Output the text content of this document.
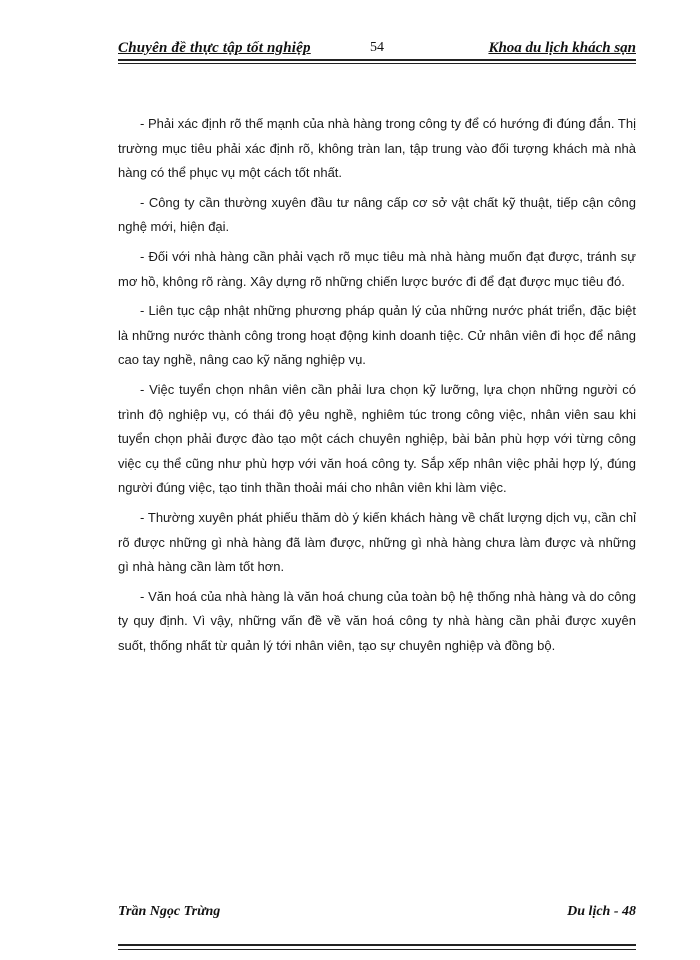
Chuyên đề thực tập tốt nghiệp	54	Khoa du lịch khách sạn

- Phải xác định rõ thế mạnh của nhà hàng trong công ty để có hướng đi đúng đắn. Thị trường mục tiêu phải xác định rõ, không tràn lan, tập trung vào đối tượng khách mà nhà hàng có thể phục vụ một cách tốt nhất.

- Công ty cần thường xuyên đầu tư nâng cấp cơ sở vật chất kỹ thuật, tiếp cận công nghệ mới, hiện đại.

- Đối với nhà hàng cần phải vạch rõ mục tiêu mà nhà hàng muốn đạt được, tránh sự mơ hồ, không rõ ràng. Xây dựng rõ những chiến lược bước đi để đạt được mục tiêu đó.

- Liên tục cập nhật những phương pháp quản lý của những nước phát triển, đặc biệt là những nước thành công trong hoạt động kinh doanh tiệc. Cử nhân viên đi học để nâng cao tay nghề, nâng cao kỹ năng nghiệp vụ.

- Việc tuyển chọn nhân viên cần phải lưa chọn kỹ lưỡng, lựa chọn những người có trình độ nghiệp vụ, có thái độ yêu nghề, nghiêm túc trong công việc, nhân viên sau khi tuyển chọn phải được đào tạo một cách chuyên nghiệp, bài bản phù hợp với từng công việc cụ thể cũng như phù hợp với văn hoá công ty. Sắp xếp nhân việc phải hợp lý, đúng người đúng việc, tạo tinh thần thoải mái cho nhân viên khi làm việc.

- Thường xuyên phát phiếu thăm dò ý kiến khách hàng về chất lượng dịch vụ, cần chỉ rõ được những gì nhà hàng đã làm được, những gì nhà hàng chưa làm được và những gì nhà hàng cần làm tốt hơn.

- Văn hoá của nhà hàng là văn hoá chung của toàn bộ hệ thống nhà hàng và do công ty quy định. Vì vậy, những vấn đề về văn hoá công ty nhà hàng cần phải được xuyên suốt, thống nhất từ quản lý tới nhân viên, tạo sự chuyên nghiệp và đồng bộ.

Trần Ngọc Trừng	Du lịch - 48
